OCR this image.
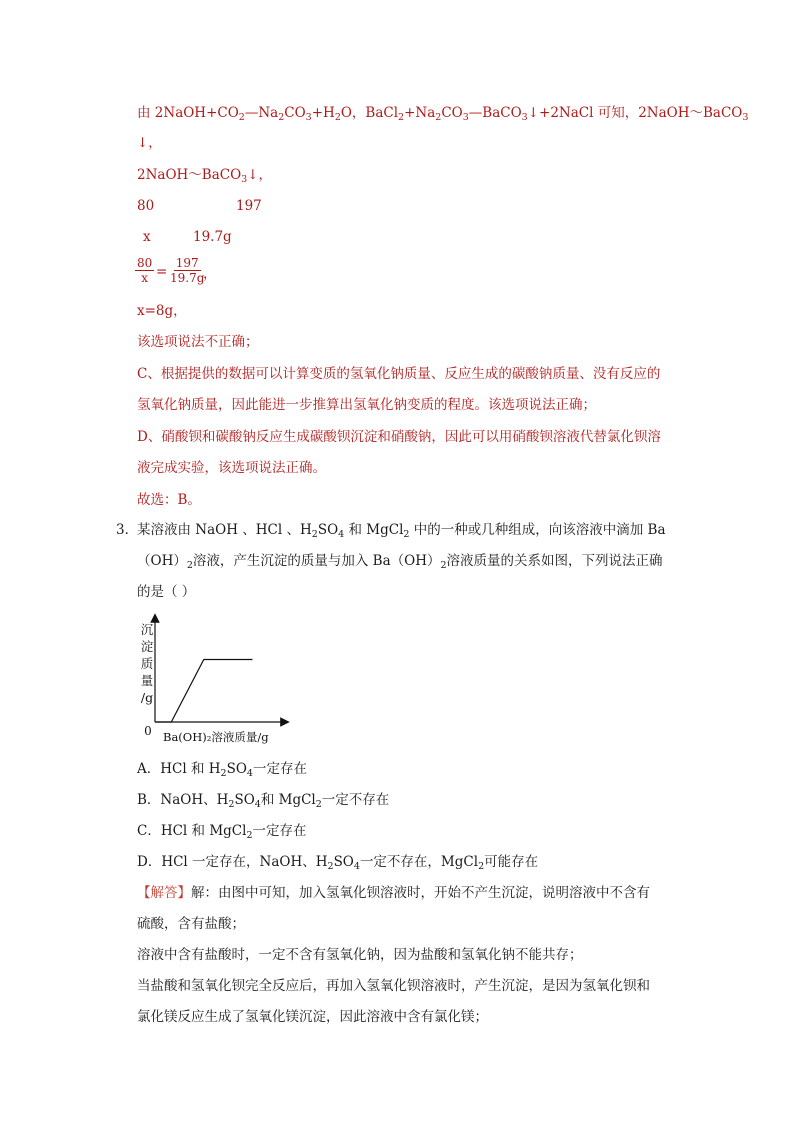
由 $2NaOH+CO_2—Na_2CO_3+H_2O$，$BaCl_2+Na_2CO_3—BaCO_3↓+2NaCl$ 可知，2NaOH～BaCO$_3$
↓，
2NaOH～BaCO$_3$↓，
80	197
x	19.7g
$\frac{80}{x} = \frac{197}{19.7g}$
，
x=8g，
该选项说法不正确；
C、根据提供的数据可以计算变质的氢氧化钠质量、反应生成的碳酸钠质量、没有反应的
氢氧化钠质量，因此能进一步推算出氢氧化钠变质的程度。该选项说法正确；
D、硝酸钡和碳酸钠反应生成碳酸钡沉淀和硝酸钠，因此可以用硝酸钡溶液代替氯化钡溶
液完成实验，该选项说法正确。
故选：B。
3．
某溶液由 NaOH 、HCl 、$H_2SO_4$ 和 MgCl$_2$ 中的一种或几种组成，向该溶液中滴加 Ba
$(OH)_2$溶液，产生沉淀的质量与加入 $Ba(OH)_2$溶液质量的关系如图，下列说法正确
的是（ ）
沉
淀
质
量
/g
0 Ba(OH)₂溶液质量/g
A．HCl 和 $H_2SO_4$一定存在
B．NaOH、$H_2SO_4$和 MgCl$_2$一定不存在
C．HCl 和 MgCl$_2$一定存在
D．HCl 一定存在，NaOH、$H_2SO_4$一定不存在，MgCl$_2$可能存在
【解答】解：由图中可知，加入氢氧化钡溶液时，开始不产生沉淀，说明溶液中不含有
硫酸，含有盐酸；
溶液中含有盐酸时，一定不含有氢氧化钠，因为盐酸和氢氧化钠不能共存；
当盐酸和氢氧化钡完全反应后，再加入氢氧化钡溶液时，产生沉淀，是因为氢氧化钡和
氯化镁反应生成了氢氧化镁沉淀，因此溶液中含有氯化镁；
